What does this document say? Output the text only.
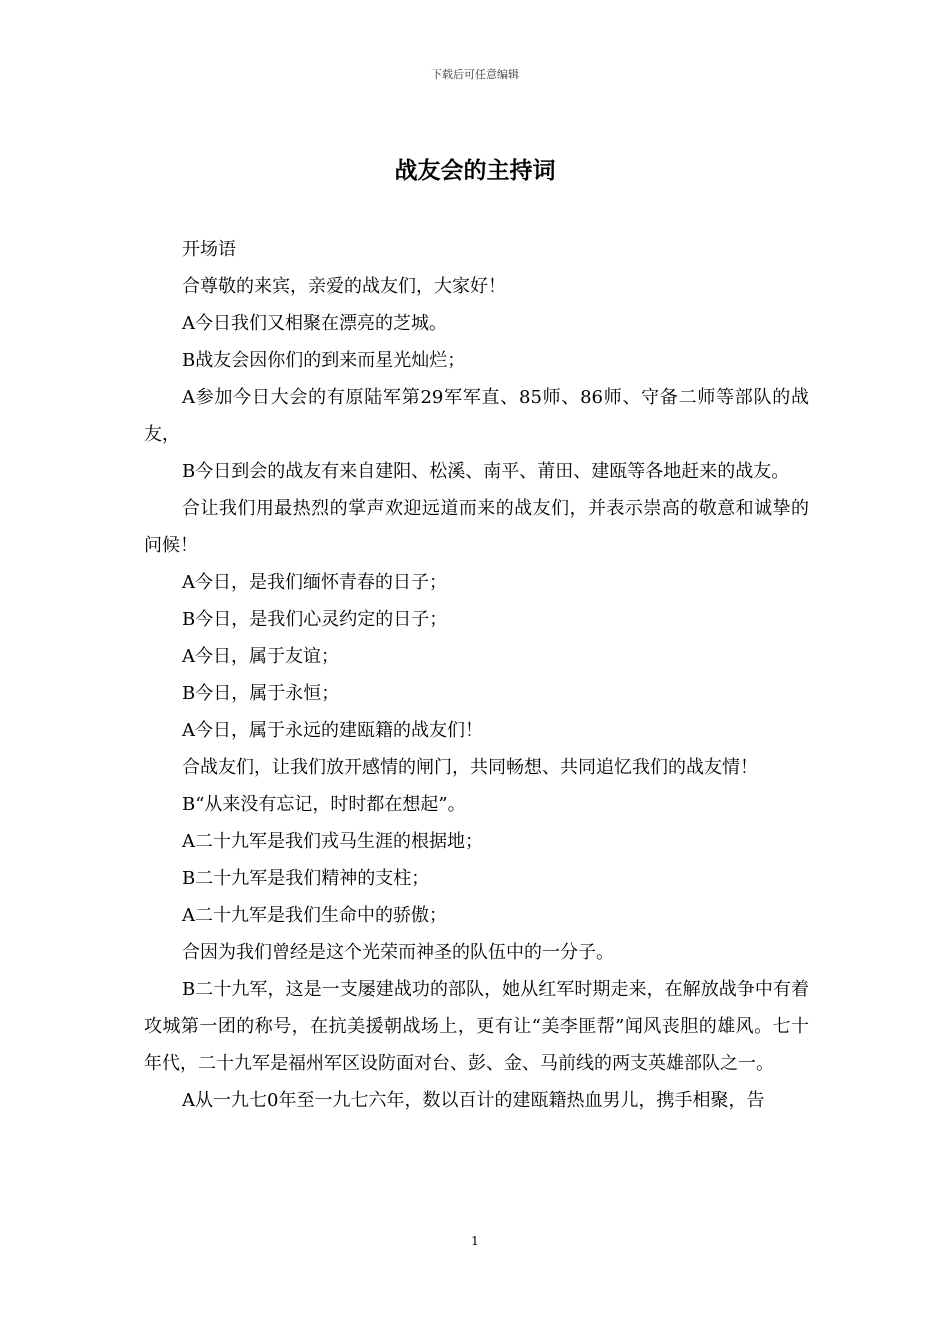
下载后可任意编辑
战友会的主持词

开场语

合尊敬的来宾，亲爱的战友们，大家好！

A今日我们又相聚在漂亮的芝城。

B战友会因你们的到来而星光灿烂；

A参加今日大会的有原陆军第29军军直、85师、86师、守备二师等部队的战友，

B今日到会的战友有来自建阳、松溪、南平、莆田、建瓯等各地赶来的战友。

合让我们用最热烈的掌声欢迎远道而来的战友们，并表示崇高的敬意和诚挚的问候！

A今日，是我们缅怀青春的日子；

B今日，是我们心灵约定的日子；

A今日，属于友谊；

B今日，属于永恒；

A今日，属于永远的建瓯籍的战友们！

合战友们，让我们放开感情的闸门，共同畅想、共同追忆我们的战友情！

B“从来没有忘记，时时都在想起”。

A二十九军是我们戎马生涯的根据地；

B二十九军是我们精神的支柱；

A二十九军是我们生命中的骄傲；

合因为我们曾经是这个光荣而神圣的队伍中的一分子。

B二十九军，这是一支屡建战功的部队，她从红军时期走来，在解放战争中有着攻城第一团的称号，在抗美援朝战场上，更有让“美李匪帮”闻风丧胆的雄风。七十年代，二十九军是福州军区设防面对台、彭、金、马前线的两支英雄部队之一。

A从一九七0年至一九七六年，数以百计的建瓯籍热血男儿，携手相聚，告

1
